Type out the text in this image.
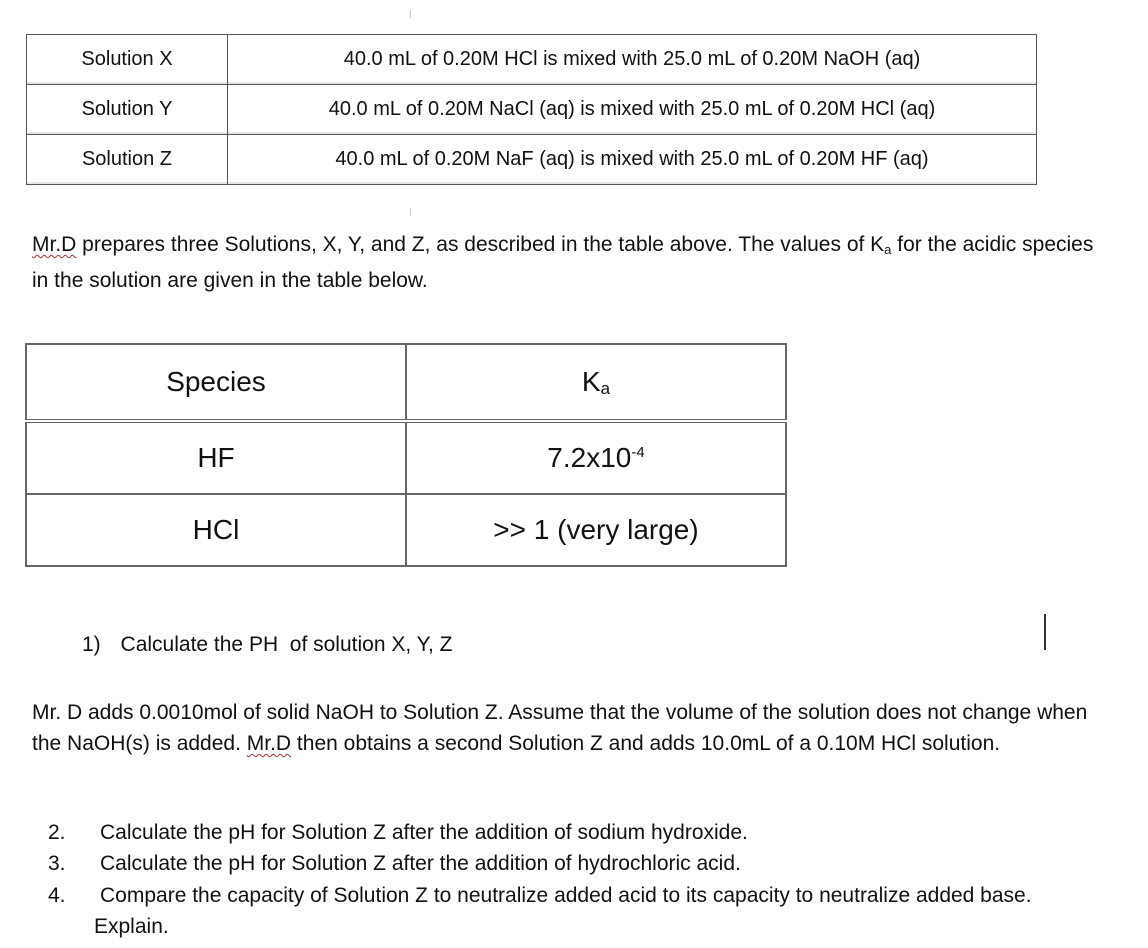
Solution X	40.0 mL of 0.20M HCl is mixed with 25.0 mL of 0.20M NaOH (aq)
Solution Y	40.0 mL of 0.20M NaCl (aq) is mixed with 25.0 mL of 0.20M HCl (aq)
Solution Z	40.0 mL of 0.20M NaF (aq) is mixed with 25.0 mL of 0.20M HF (aq)
Mr.D prepares three Solutions, X, Y, and Z, as described in the table above. The values of $K_a$ for the acidic species in the solution are given in the table below.
Species	$K_a$
HF	$7.2x10^{-4}$
HCl	>> 1 (very large)
1) Calculate the PH  of solution X, Y, Z
Mr. D adds 0.0010mol of solid NaOH to Solution Z. Assume that the volume of the solution does not change when the NaOH(s) is added. Mr.D then obtains a second Solution Z and adds 10.0mL of a 0.10M HCl solution.
2.	Calculate the pH for Solution Z after the addition of sodium hydroxide.
3.	Calculate the pH for Solution Z after the addition of hydrochloric acid.
4.	Compare the capacity of Solution Z to neutralize added acid to its capacity to neutralize added base. Explain.
